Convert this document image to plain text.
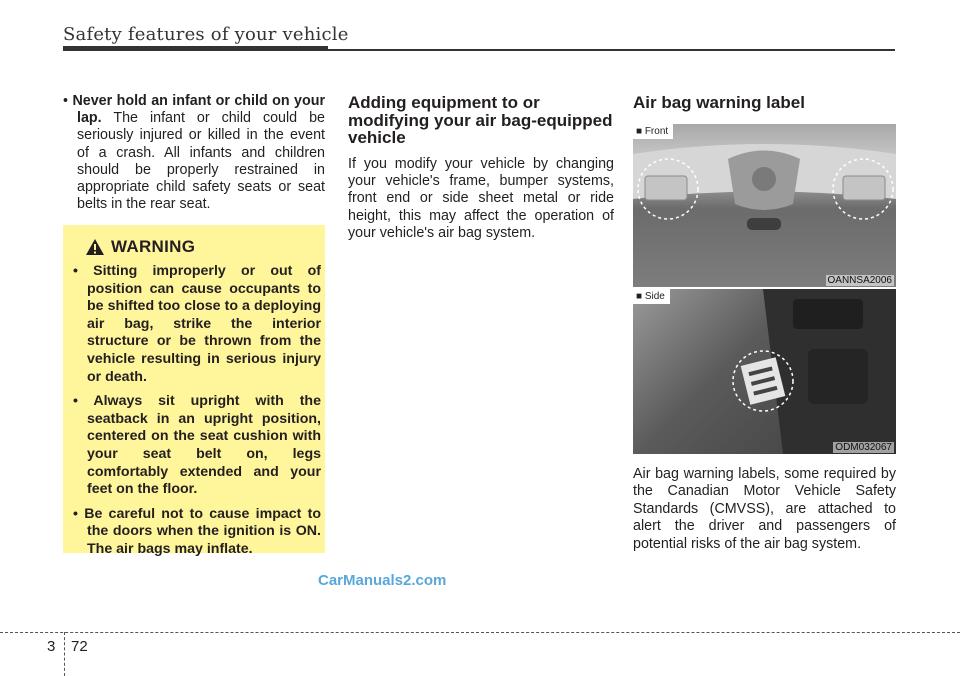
Safety features of your vehicle

• Never hold an infant or child on your lap. The infant or child could be seriously injured or killed in the event of a crash. All infants and children should be properly restrained in appropriate child safety seats or seat belts in the rear seat.

WARNING
• Sitting improperly or out of position can cause occupants to be shifted too close to a deploying air bag, strike the interior structure or be thrown from the vehicle resulting in serious injury or death.
• Always sit upright with the seatback in an upright position, centered on the seat cushion with your seat belt on, legs comfortably extended and your feet on the floor.
• Be careful not to cause impact to the doors when the ignition is ON. The air bags may inflate.
Adding equipment to or modifying your air bag-equipped vehicle

If you modify your vehicle by changing your vehicle's frame, bumper systems, front end or side sheet metal or ride height, this may affect the operation of your vehicle's air bag system.

Air bag warning label
■ Front
OANNSA2006
■ Side
ODM032067

Air bag warning labels, some required by the Canadian Motor Vehicle Safety Standards (CMVSS), are attached to alert the driver and passengers of potential risks of the air bag system.

CarManuals2.com
3 72
